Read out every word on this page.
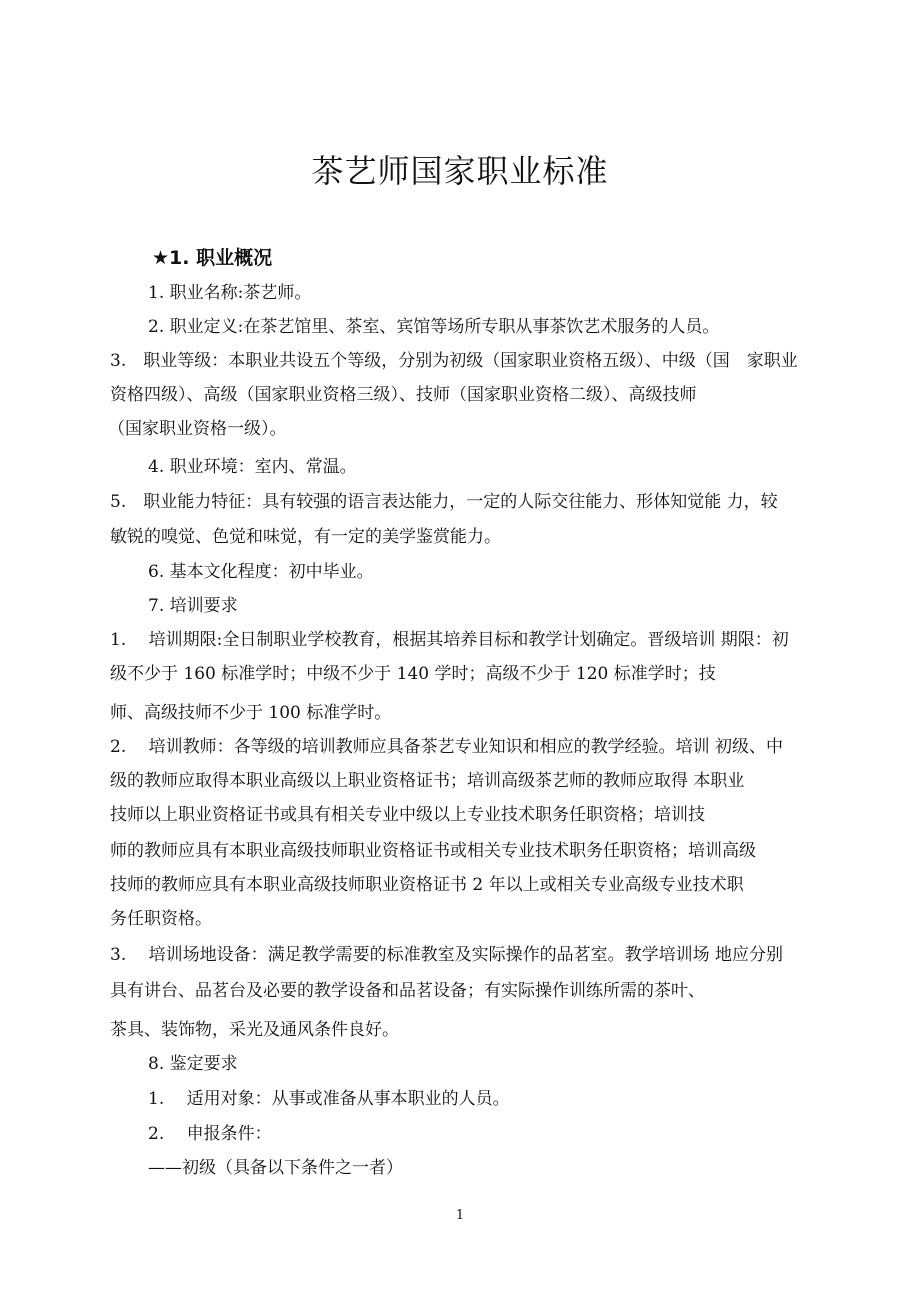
茶艺师国家职业标准
★1. 职业概况
1. 职业名称:茶艺师。
2. 职业定义:在茶艺馆里、茶室、宾馆等场所专职从事茶饮艺术服务的人员。
3.　职业等级：本职业共设五个等级，分别为初级（国家职业资格五级）、中级（国　家职业
资格四级）、高级（国家职业资格三级）、技师（国家职业资格二级）、高级技师
（国家职业资格一级）。
4. 职业环境：室内、常温。
5.　职业能力特征：具有较强的语言表达能力，一定的人际交往能力、形体知觉能 力，较
敏锐的嗅觉、色觉和味觉，有一定的美学鉴赏能力。
6. 基本文化程度：初中毕业。
7. 培训要求
1.　 培训期限:全日制职业学校教育，根据其培养目标和教学计划确定。晋级培训 期限：初
级不少于 160 标准学时；中级不少于 140 学时；高级不少于 120 标准学时；技
师、高级技师不少于 100 标准学时。
2.　 培训教师：各等级的培训教师应具备茶艺专业知识和相应的教学经验。培训 初级、中
级的教师应取得本职业高级以上职业资格证书；培训高级茶艺师的教师应取得 本职业
技师以上职业资格证书或具有相关专业中级以上专业技术职务任职资格；培训技
师的教师应具有本职业高级技师职业资格证书或相关专业技术职务任职资格；培训高级
技师的教师应具有本职业高级技师职业资格证书 2 年以上或相关专业高级专业技术职
务任职资格。
3.　 培训场地设备：满足教学需要的标准教室及实际操作的品茗室。教学培训场 地应分别
具有讲台、品茗台及必要的教学设备和品茗设备；有实际操作训练所需的茶叶、
茶具、装饰物，采光及通风条件良好。
8. 鉴定要求
1.　 适用对象：从事或准备从事本职业的人员。
2.　 申报条件：
——初级（具备以下条件之一者）
1
